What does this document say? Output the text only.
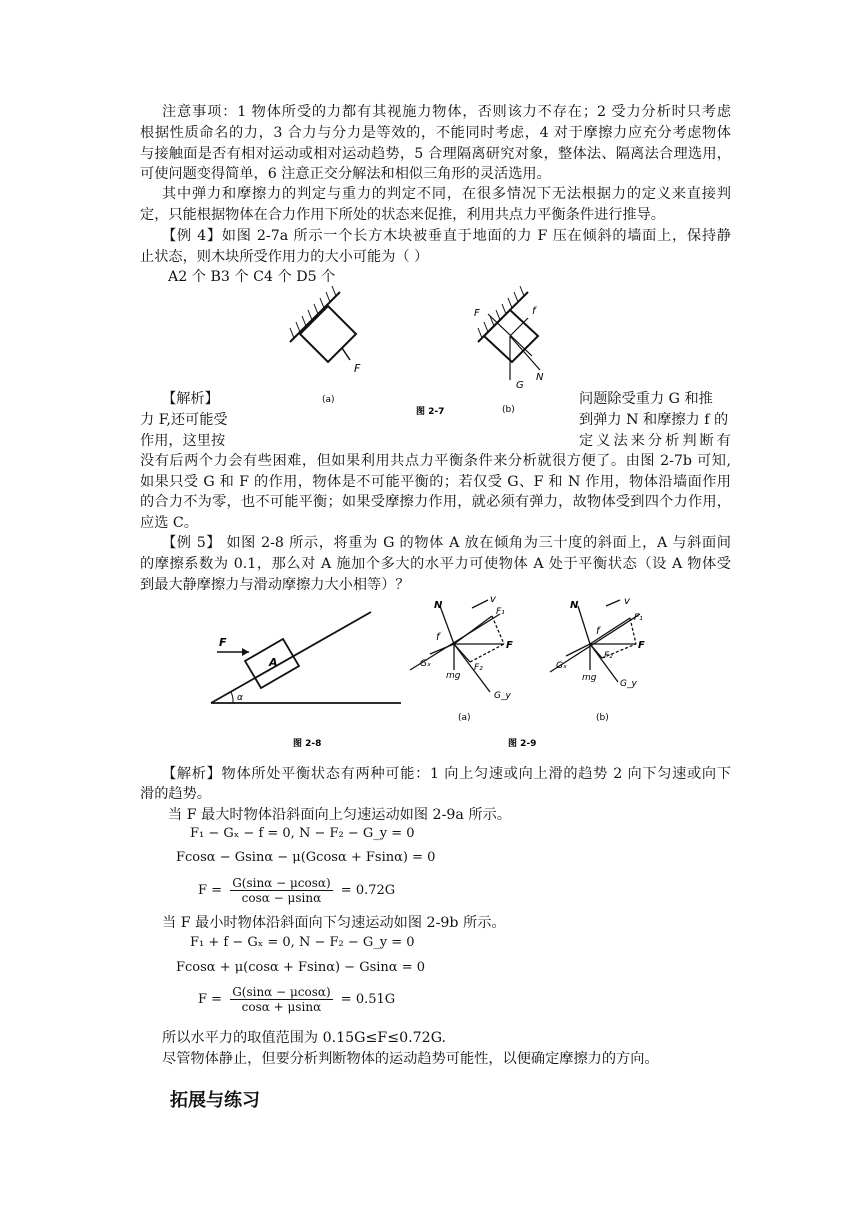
注意事项：1 物体所受的力都有其视施力物体，否则该力不存在；2 受力分析时只考虑
根据性质命名的力，3 合力与分力是等效的，不能同时考虑，4 对于摩擦力应充分考虑物体
与接触面是否有相对运动或相对运动趋势，5 合理隔离研究对象，整体法、隔离法合理选用，
可使问题变得简单，6 注意正交分解法和相似三角形的灵活选用。
其中弹力和摩擦力的判定与重力的判定不同，在很多情况下无法根据力的定义来直接判
定，只能根据物体在合力作用下所处的状态来促推，利用共点力平衡条件进行推导。
【例 4】如图 2-7a 所示一个长方木块被垂直于地面的力 F 压在倾斜的墙面上，保持静
止状态，则木块所受作用力的大小可能为（ ）
A2 个 B3 个 C4 个 D5 个
F
(a)
F	f
N
G
(b)
图 2-7
【解析】	问题除受重力 G 和推
力 F,还可能受	到弹力 N 和摩擦力 f 的
作用，这里按	定义法来分析判断有
没有后两个力会有些困难，但如果利用共点力平衡条件来分析就很方便了。由图 2-7b 可知,
如果只受 G 和 F 的作用，物体是不可能平衡的；若仅受 G、F 和 N 作用，物体沿墙面作用
的合力不为零，也不可能平衡；如果受摩擦力作用，就必须有弹力，故物体受到四个力作用，
应选 C。
【例 5】 如图 2-8 所示，将重为 G 的物体 A 放在倾角为三十度的斜面上，A 与斜面间
的摩擦系数为 0.1，那么对 A 施加个多大的水平力可使物体 A 处于平衡状态（设 A 物体受
到最大静摩擦力与滑动摩擦力大小相等）？
F
A
α
图 2-8
N
v
F₁
F
f
Gₓ
mg
F₂
G_y
(a)
N	v
F₁
F
f
Gₓ
mg
F₂
G_y
(b)
图 2-9
【解析】物体所处平衡状态有两种可能：1 向上匀速或向上滑的趋势 2 向下匀速或向下
滑的趋势。
当 F 最大时物体沿斜面向上匀速运动如图 2-9a 所示。
F₁ − Gₓ − f = 0, N − F₂ − G_y = 0
Fcosα − Gsinα − μ(Gcosα + Fsinα) = 0
$F = \frac{G(\sin\alpha - \mu\cos\alpha)}{\cos\alpha - \mu\sin\alpha} = 0.72G$
当 F 最小时物体沿斜面向下匀速运动如图 2-9b 所示。
F₁ + f − Gₓ = 0, N − F₂ − G_y = 0
Fcosα + μ(cosα + Fsinα) − Gsinα = 0
$F = \frac{G(\sin\alpha - \mu\cos\alpha)}{\cos\alpha + \mu\sin\alpha} = 0.51G$
所以水平力的取值范围为 0.15G≤F≤0.72G.
尽管物体静止，但要分析判断物体的运动趋势可能性，以便确定摩擦力的方向。
拓展与练习
